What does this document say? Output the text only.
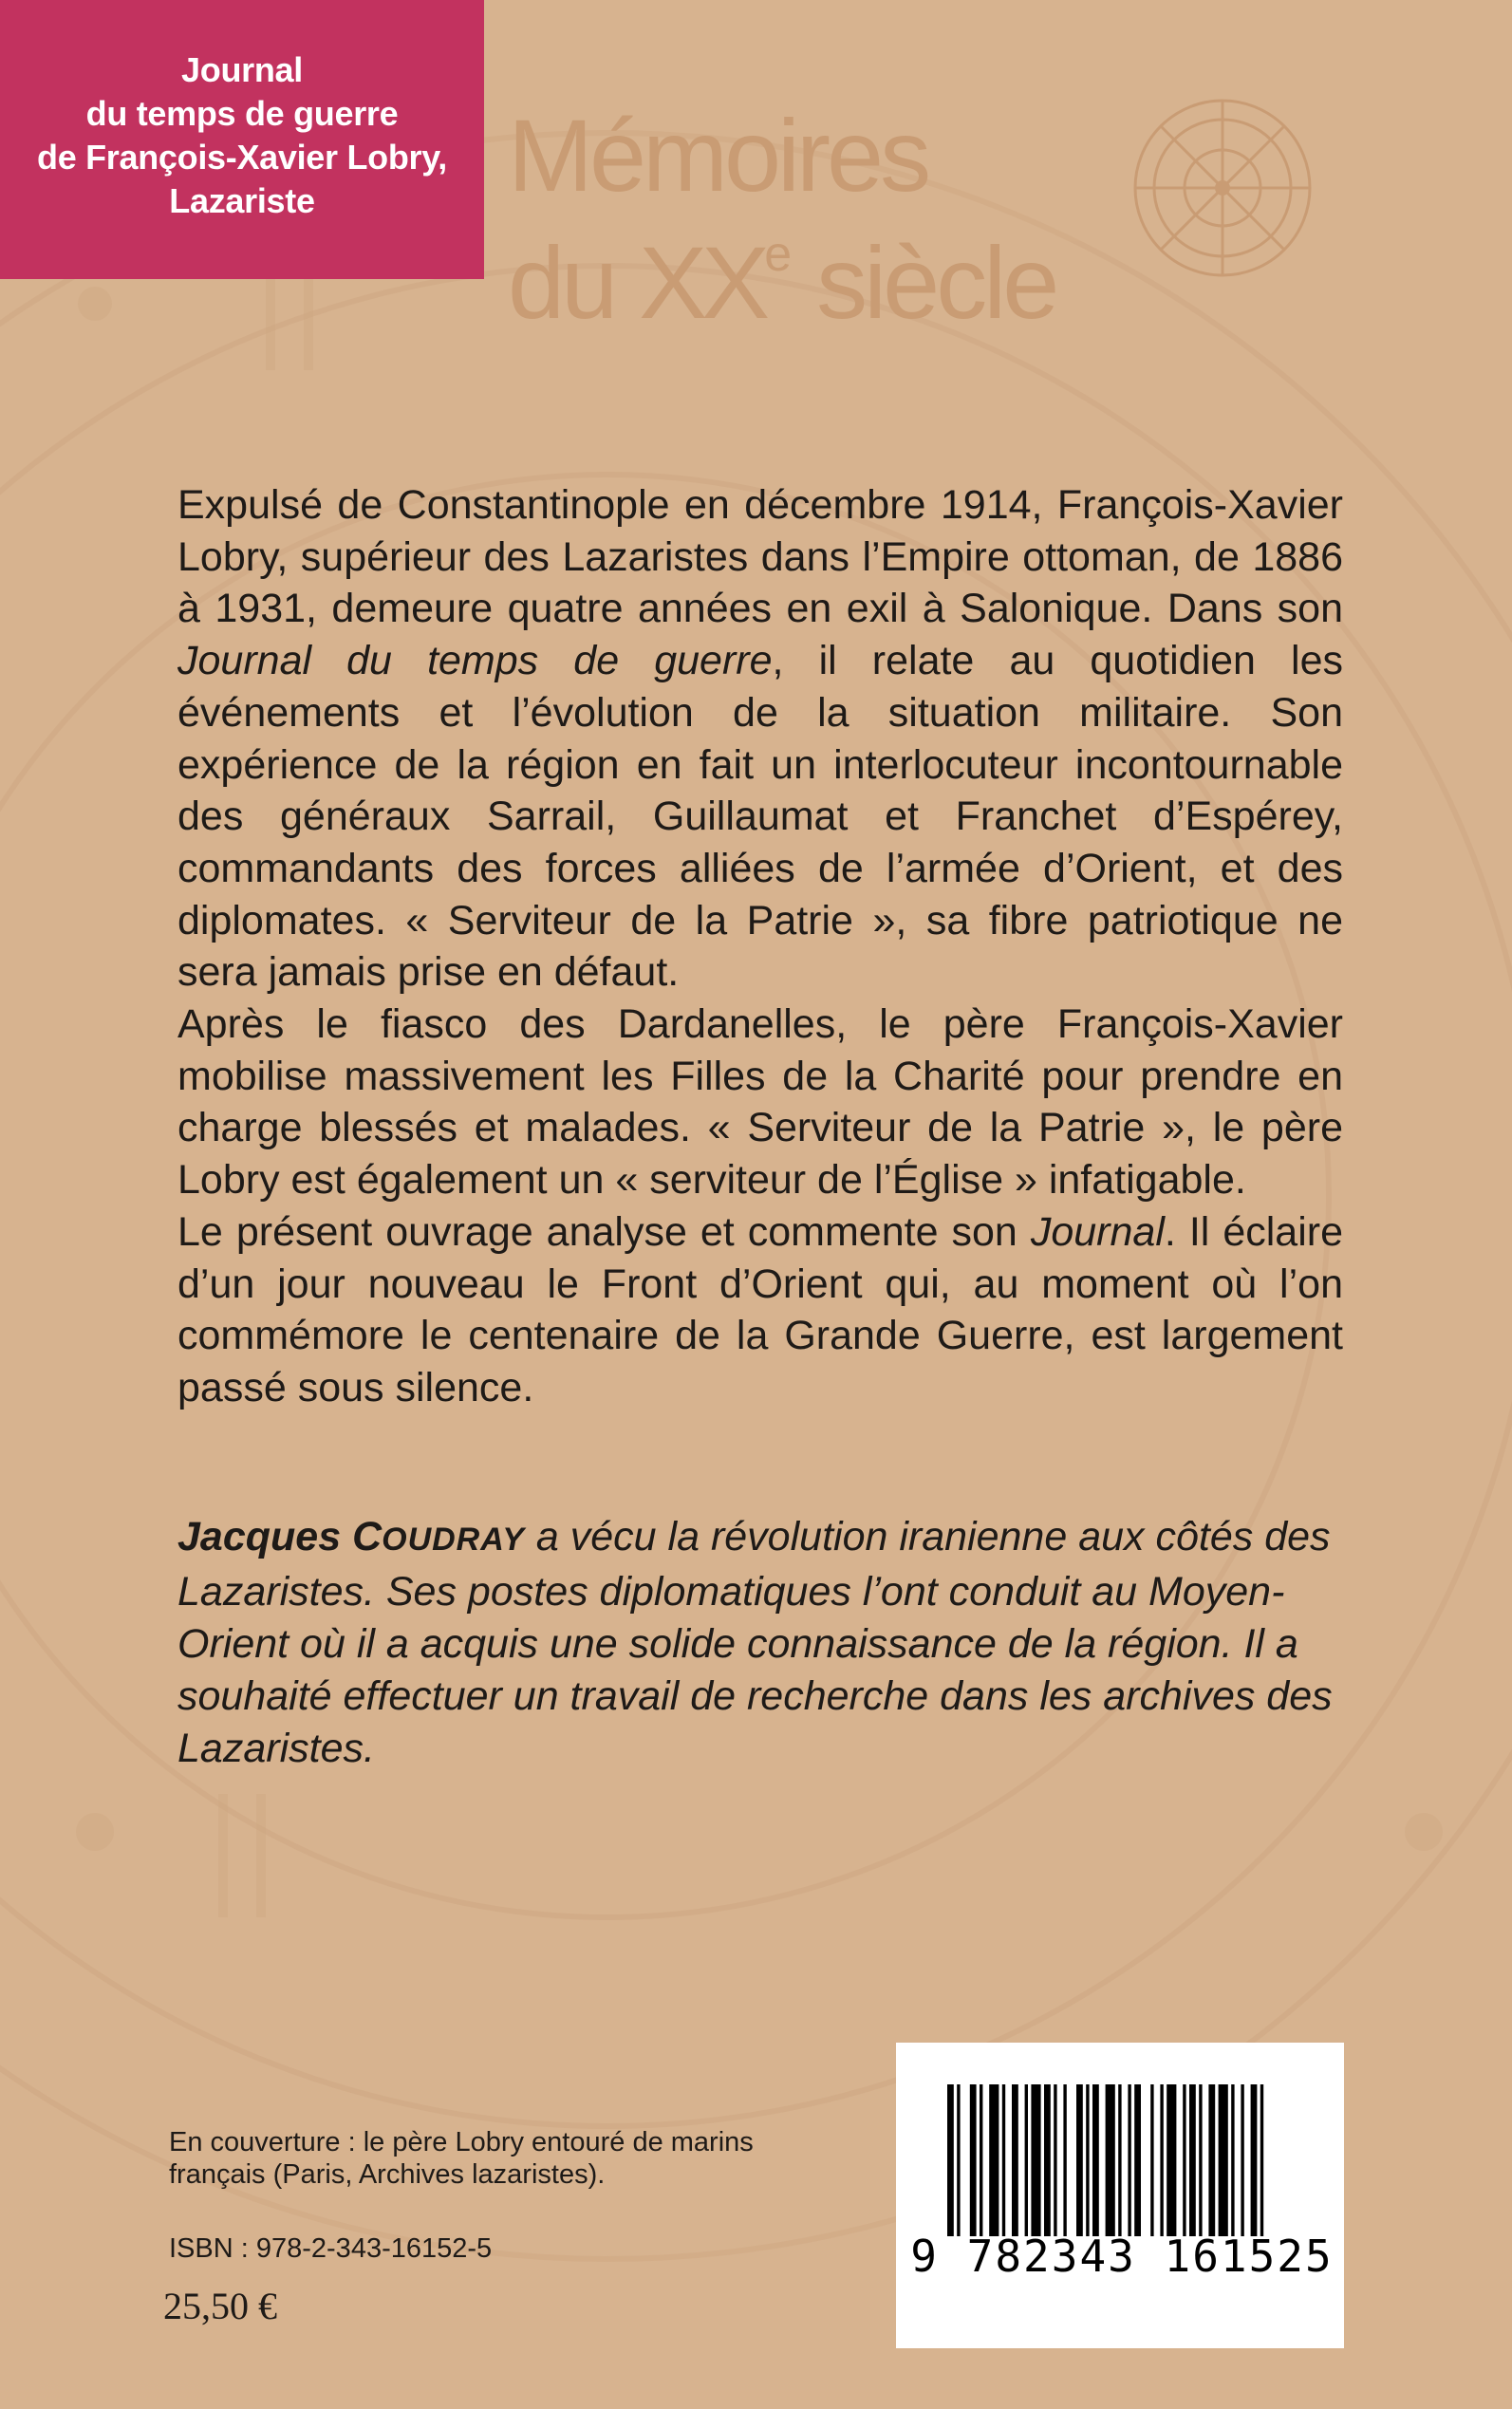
Journal
du temps de guerre
de François-Xavier Lobry,
Lazariste Mémoires
du XXe siècle

Expulsé de Constantinople en décembre 1914, François-Xavier Lobry, supérieur des Lazaristes dans l’Empire ottoman, de 1886 à 1931, demeure quatre années en exil à Salonique. Dans son Journal du temps de guerre, il relate au quotidien les événements et l’évolution de la situation militaire. Son expérience de la région en fait un interlocuteur incontournable des généraux Sarrail, Guillaumat et Franchet d’Espérey, commandants des forces alliées de l’armée d’Orient, et des diplomates. « Serviteur de la Patrie », sa fibre patriotique ne sera jamais prise en défaut.

Après le fiasco des Dardanelles, le père François-Xavier mobilise massivement les Filles de la Charité pour prendre en charge blessés et malades. « Serviteur de la Patrie », le père Lobry est également un « serviteur de l’Église » infatigable.

Le présent ouvrage analyse et commente son Journal. Il éclaire d’un jour nouveau le Front d’Orient qui, au moment où l’on commémore le centenaire de la Grande Guerre, est largement passé sous silence.

Jacques COUDRAY a vécu la révolution iranienne aux côtés des Lazaristes. Ses postes diplomatiques l’ont conduit au Moyen-Orient où il a acquis une solide connaissance de la région. Il a souhaité effectuer un travail de recherche dans les archives des Lazaristes.
En couverture : le père Lobry entouré de marins français (Paris, Archives lazaristes).
ISBN : 978-2-343-16152-5
25,50 €
9 782343 161525
